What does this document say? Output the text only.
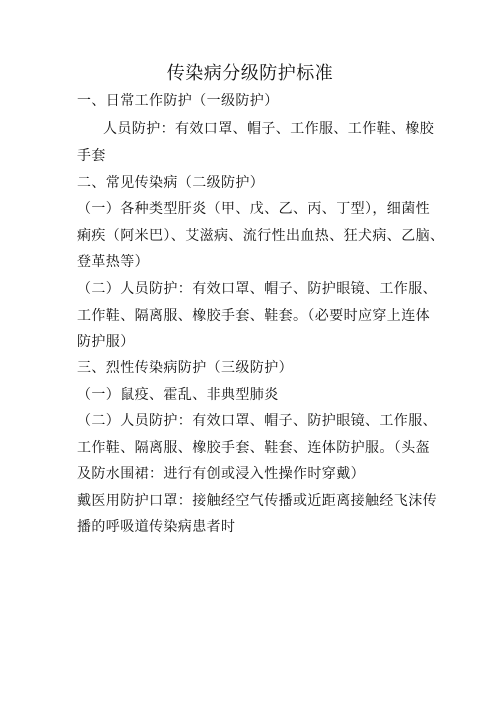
传染病分级防护标准
一、日常工作防护（一级防护）
人员防护：有效口罩、帽子、工作服、工作鞋、橡胶
手套
二、常见传染病（二级防护）
（一）各种类型肝炎（甲、戊、乙、丙、丁型），细菌性
痢疾（阿米巴）、艾滋病、流行性出血热、狂犬病、乙脑、
登革热等）
（二）人员防护：有效口罩、帽子、防护眼镜、工作服、
工作鞋、隔离服、橡胶手套、鞋套。（必要时应穿上连体
防护服）
三、烈性传染病防护（三级防护）
（一）鼠疫、霍乱、非典型肺炎
（二）人员防护：有效口罩、帽子、防护眼镜、工作服、
工作鞋、隔离服、橡胶手套、鞋套、连体防护服。（头盔
及防水围裙：进行有创或浸入性操作时穿戴）
戴医用防护口罩：接触经空气传播或近距离接触经飞沫传
播的呼吸道传染病患者时
